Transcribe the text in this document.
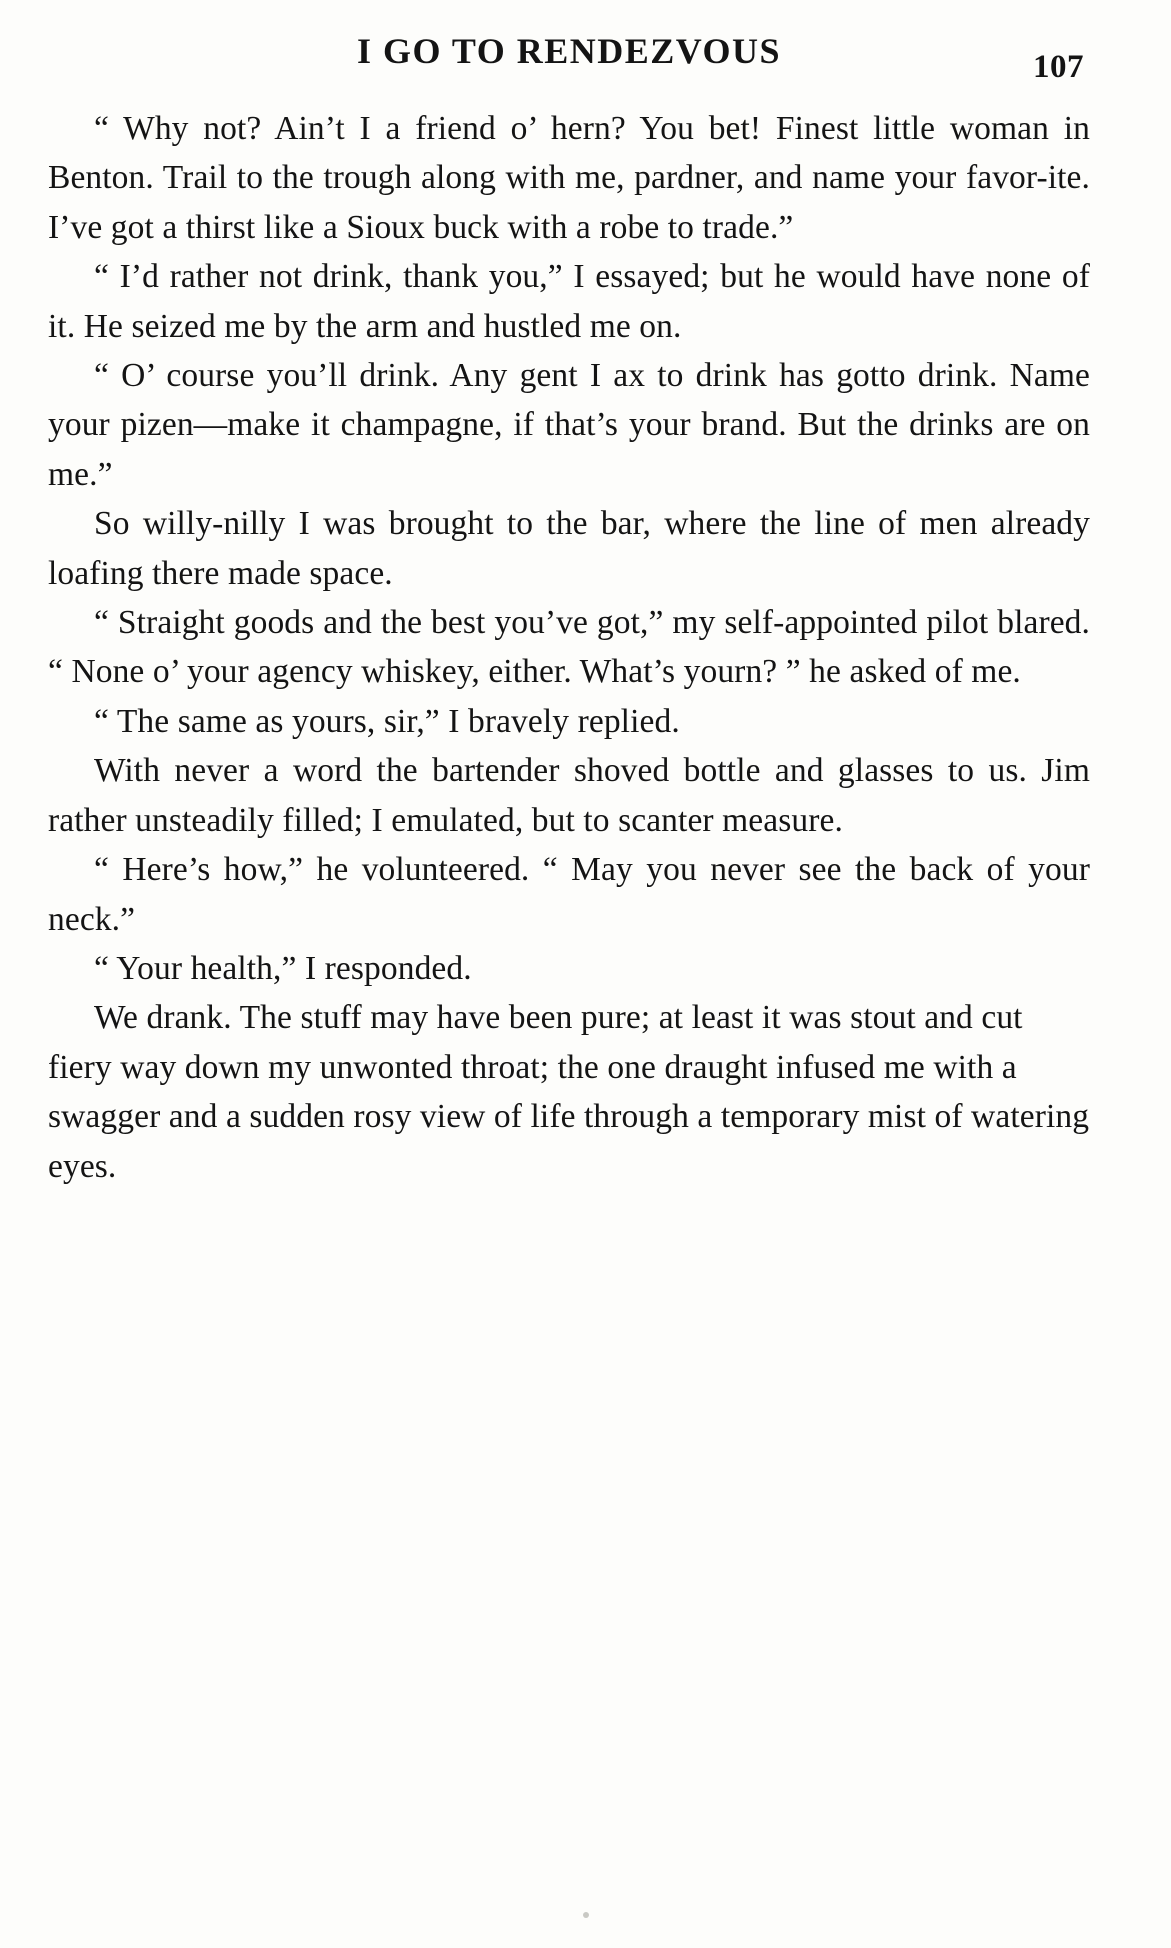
I GO TO RENDEZVOUS	107

“ Why not? Ain’t I a friend o’ hern? You bet! Finest little woman in Benton. Trail to the trough along with me, pardner, and name your favor-ite. I’ve got a thirst like a Sioux buck with a robe to trade.”

“ I’d rather not drink, thank you,” I essayed; but he would have none of it. He seized me by the arm and hustled me on.

“ O’ course you’ll drink. Any gent I ax to drink has gotto drink. Name your pizen—make it champagne, if that’s your brand. But the drinks are on me.”

So willy-nilly I was brought to the bar, where the line of men already loafing there made space.

“ Straight goods and the best you’ve got,” my self-appointed pilot blared. “ None o’ your agency whiskey, either. What’s yourn? ” he asked of me.

“ The same as yours, sir,” I bravely replied.

With never a word the bartender shoved bottle and glasses to us. Jim rather unsteadily filled; I emulated, but to scanter measure.

“ Here’s how,” he volunteered. “ May you never see the back of your neck.”

“ Your health,” I responded.

We drank. The stuff may have been pure; at least it was stout and cut fiery way down my unwonted throat; the one draught infused me with a swagger and a sudden rosy view of life through a temporary mist of watering eyes.
